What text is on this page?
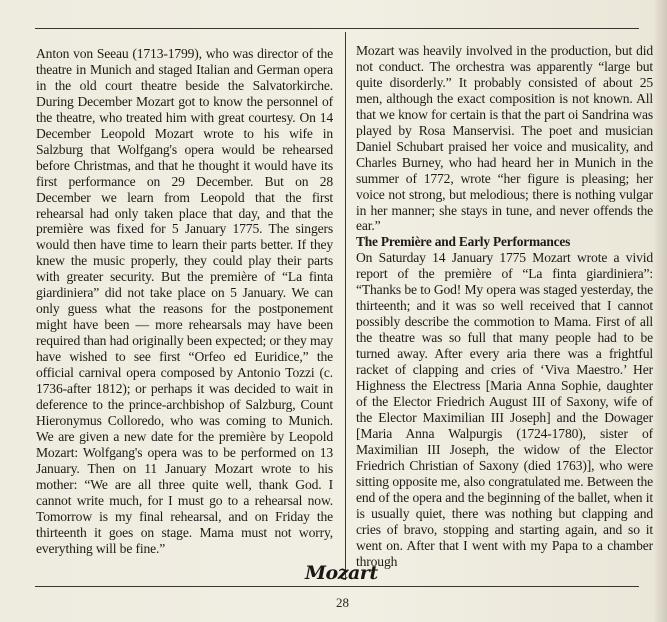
Anton von Seeau (1713-1799), who was director of the theatre in Munich and staged Italian and German opera in the old court theatre beside the Salvatorkirche. During December Mozart got to know the personnel of the theatre, who treated him with great courtesy. On 14 December Leopold Mozart wrote to his wife in Salzburg that Wolfgang's opera would be rehearsed before Christmas, and that he thought it would have its first performance on 29 December. But on 28 December we learn from Leopold that the first rehearsal had only taken place that day, and that the première was fixed for 5 January 1775. The singers would then have time to learn their parts better. If they knew the music properly, they could play their parts with greater security. But the première of “La finta giardiniera” did not take place on 5 January. We can only guess what the reasons for the postponement might have been — more rehearsals may have been required than had originally been expected; or they may have wished to see first “Orfeo ed Euridice,” the official carnival opera composed by Antonio Tozzi (c. 1736-after 1812); or perhaps it was decided to wait in deference to the prince-archbishop of Salzburg, Count Hieronymus Colloredo, who was coming to Munich. We are given a new date for the première by Leopold Mozart: Wolfgang's opera was to be performed on 13 January. Then on 11 January Mozart wrote to his mother: “We are all three quite well, thank God. I cannot write much, for I must go to a rehearsal now. Tomorrow is my final rehearsal, and on Friday the thirteenth it goes on stage. Mama must not worry, everything will be fine.”

Mozart was heavily involved in the production, but did not conduct. The orchestra was apparently “large but quite disorderly.” It probably consisted of about 25 men, although the exact composition is not known. All that we know for certain is that the part oi Sandrina was played by Rosa Manservisi. The poet and musician Daniel Schubart praised her voice and musicality, and Charles Burney, who had heard her in Munich in the summer of 1772, wrote “her figure is pleasing; her voice not strong, but melodious; there is nothing vulgar in her manner; she stays in tune, and never offends the ear.”

The Première and Early Performances

On Saturday 14 January 1775 Mozart wrote a vivid report of the première of “La finta giardiniera”: “Thanks be to God! My opera was staged yesterday, the thirteenth; and it was so well received that I cannot possibly describe the commotion to Mama. First of all the theatre was so full that many people had to be turned away. After every aria there was a frightful racket of clapping and cries of ‘Viva Maestro.’ Her Highness the Electress [Maria Anna Sophie, daughter of the Elector Friedrich August III of Saxony, wife of the Elector Maximilian III Joseph] and the Dowager [Maria Anna Walpurgis (1724-1780), sister of Maximilian III Joseph, the widow of the Elector Friedrich Christian of Saxony (died 1763)], who were sitting opposite me, also congratulated me. Between the end of the opera and the beginning of the ballet, when it is usually quiet, there was nothing but clapping and cries of bravo, stopping and starting again, and so it went on. After that I went with my Papa to a chamber through

Mozart
28
